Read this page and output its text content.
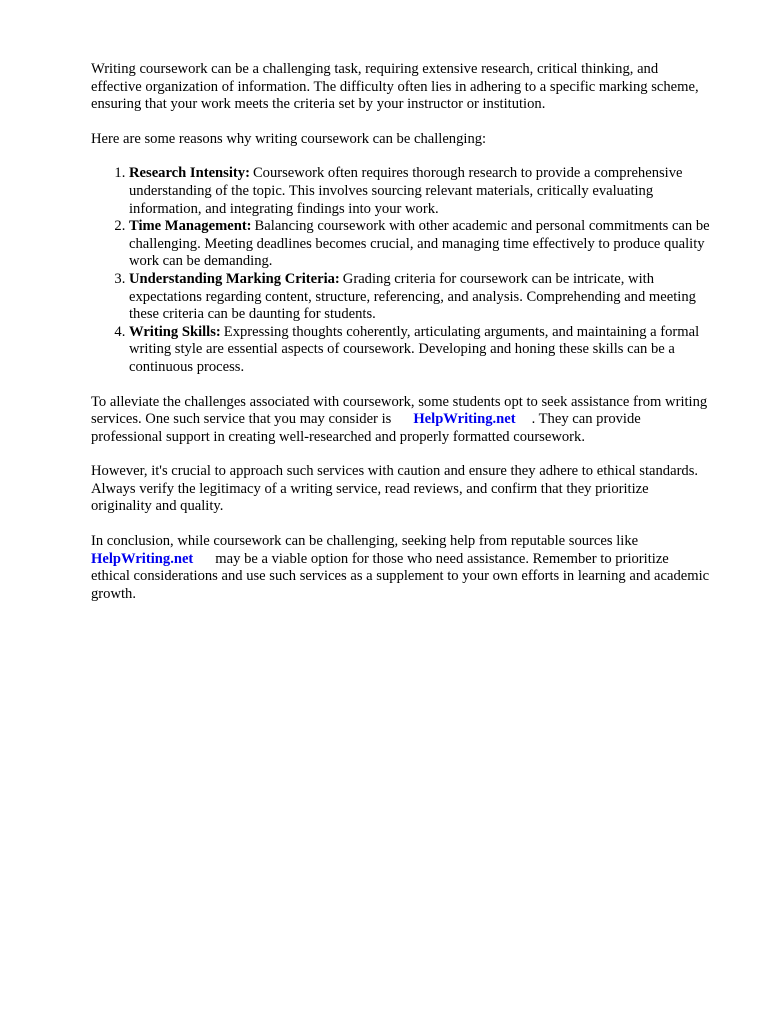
Writing coursework can be a challenging task, requiring extensive research, critical thinking, and effective organization of information. The difficulty often lies in adhering to a specific marking scheme, ensuring that your work meets the criteria set by your instructor or institution.

Here are some reasons why writing coursework can be challenging:

1. Research Intensity: Coursework often requires thorough research to provide a comprehensive understanding of the topic. This involves sourcing relevant materials, critically evaluating information, and integrating findings into your work.
2. Time Management: Balancing coursework with other academic and personal commitments can be challenging. Meeting deadlines becomes crucial, and managing time effectively to produce quality work can be demanding.
3. Understanding Marking Criteria: Grading criteria for coursework can be intricate, with expectations regarding content, structure, referencing, and analysis. Comprehending and meeting these criteria can be daunting for students.
4. Writing Skills: Expressing thoughts coherently, articulating arguments, and maintaining a formal writing style are essential aspects of coursework. Developing and honing these skills can be a continuous process.

To alleviate the challenges associated with coursework, some students opt to seek assistance from writing services. One such service that you may consider is HelpWriting.net . They can provide professional support in creating well-researched and properly formatted coursework.

However, it's crucial to approach such services with caution and ensure they adhere to ethical standards. Always verify the legitimacy of a writing service, read reviews, and confirm that they prioritize originality and quality.

In conclusion, while coursework can be challenging, seeking help from reputable sources like HelpWriting.net may be a viable option for those who need assistance. Remember to prioritize ethical considerations and use such services as a supplement to your own efforts in learning and academic growth.
